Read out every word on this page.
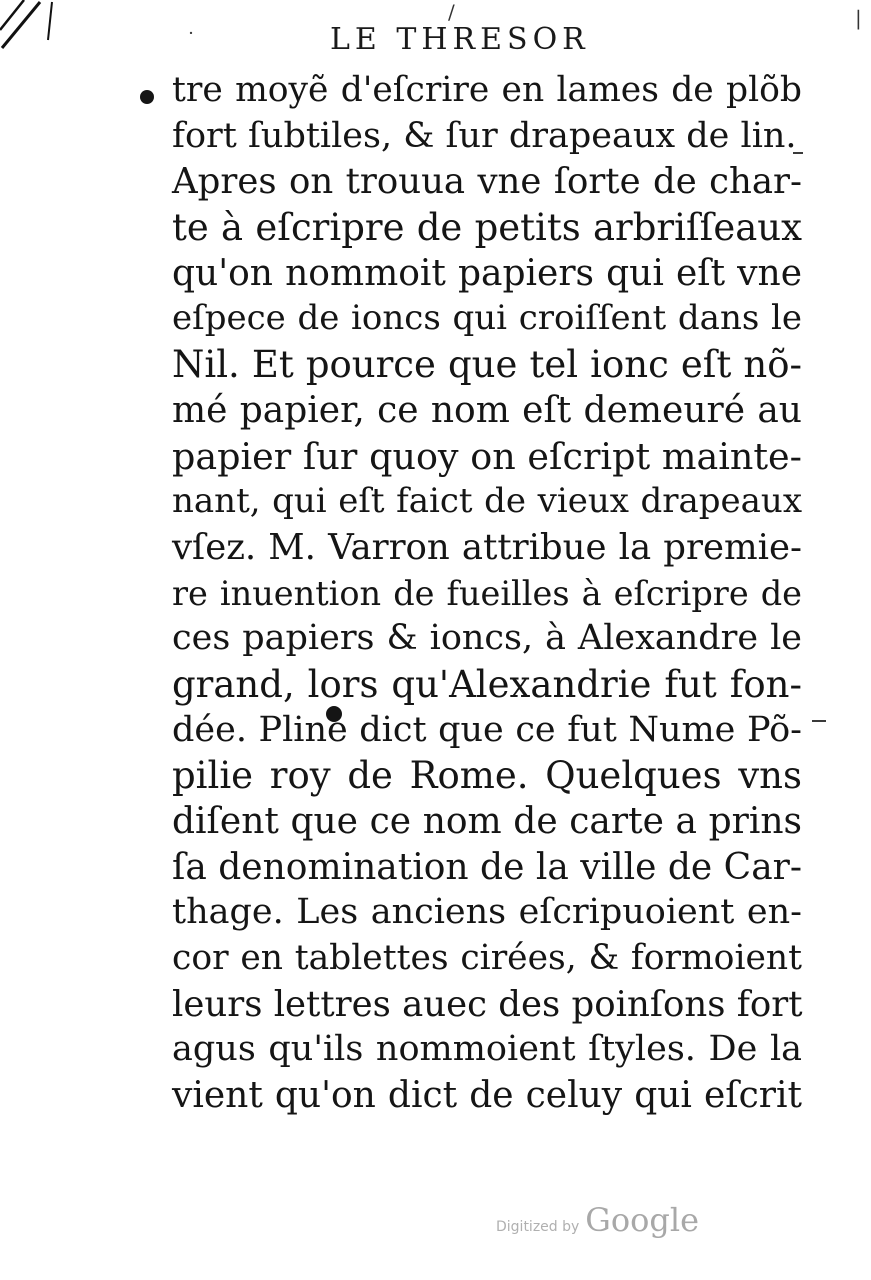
˙
/	|
LE THRESOR
tre moyẽ d'eſcrire en lames de plõb
fort ſubtiles, & ſur drapeaux de lin.
Apres on trouua vne ſorte de char-
te à eſcripre de petits arbriſſeaux
qu'on nommoit papiers qui eſt vne
eſpece de ioncs qui croiſſent dans le
Nil. Et pource que tel ionc eſt nõ-
mé papier, ce nom eſt demeuré au
papier ſur quoy on eſcript mainte-
nant, qui eſt faict de vieux drapeaux
vſez. M. Varron attribue la premie-
re inuention de fueilles à eſcripre de
ces papiers & ioncs, à Alexandre le
grand, lors qu'Alexandrie fut fon-
dée. Pline dict que ce fut Nume Põ-
pilie roy de Rome. Quelques vns
diſent que ce nom de carte a prins
ſa denomination de la ville de Car-
thage. Les anciens eſcripuoient en-
cor en tablettes cirées, & formoient
leurs lettres auec des poinſons fort
agus qu'ils nommoient ſtyles. De la
vient qu'on dict de celuy qui eſcrit
Digitized by Google
